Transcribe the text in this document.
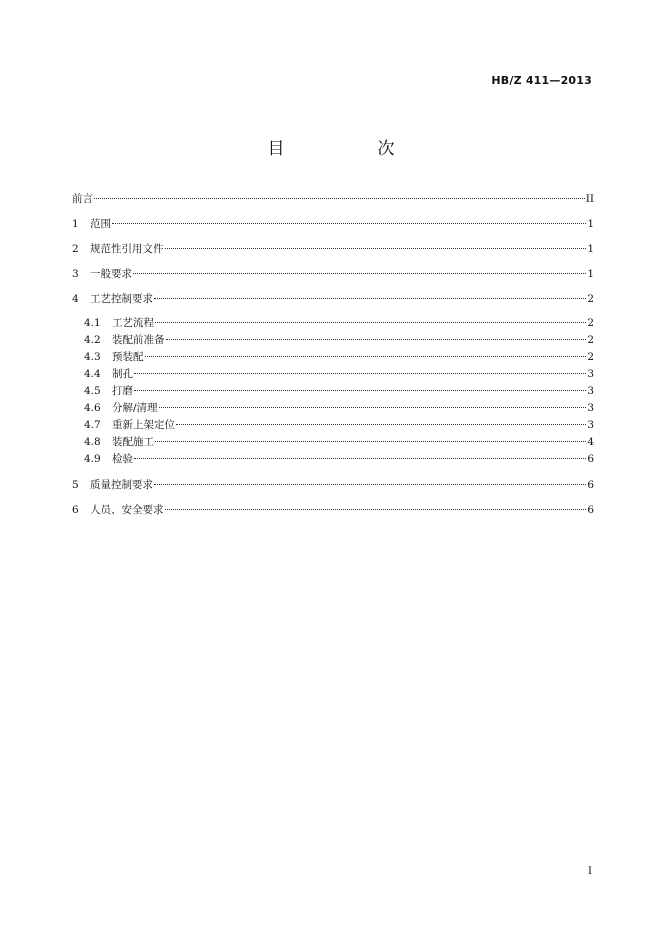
HB/Z 411—2013
目　次
前言	II
1	范围	1
2	规范性引用文件	1
3	一般要求	1
4	工艺控制要求	2
4.1	工艺流程	2
4.2	装配前准备	2
4.3	预装配	2
4.4	制孔	3
4.5	打磨	3
4.6	分解/清理	3
4.7	重新上架定位	3
4.8	装配施工	4
4.9	检验	6
5	质量控制要求	6
6	人员、安全要求	6
I
